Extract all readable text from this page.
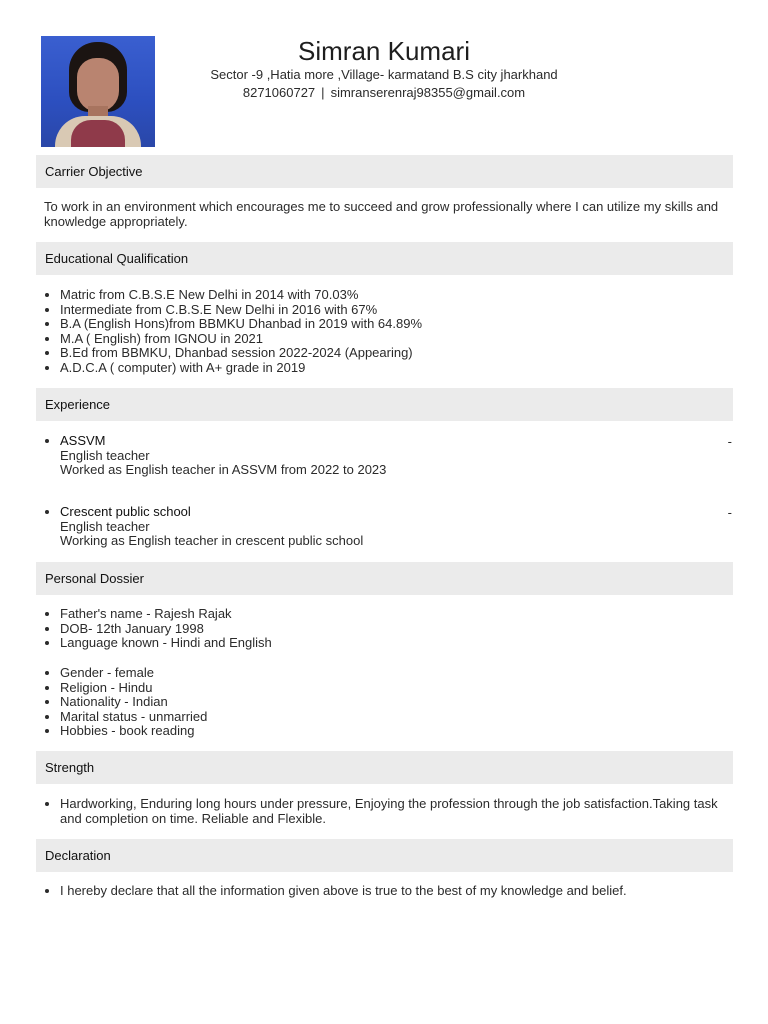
Simran Kumari
Sector -9 ,Hatia more ,Village- karmatand B.S city jharkhand
8271060727 | simranserenraj98355@gmail.com
Carrier Objective
To work in an environment which encourages me to succeed and grow professionally where I can utilize my skills and knowledge appropriately.
Educational Qualification
• Matric from C.B.S.E New Delhi in 2014 with 70.03%
• Intermediate from C.B.S.E New Delhi in 2016 with 67%
• B.A (English Hons)from BBMKU Dhanbad in 2019 with 64.89%
• M.A ( English) from IGNOU in 2021
• B.Ed from BBMKU, Dhanbad session 2022-2024 (Appearing)
• A.D.C.A ( computer) with A+ grade in 2019
Experience
• ASSVM
English teacher
Worked as English teacher in ASSVM from 2022 to 2023
-
• Crescent public school
English teacher
Working as English teacher in crescent public school
-
Personal Dossier
• Father's name - Rajesh Rajak
• DOB- 12th January 1998
• Language known - Hindi and English
• Gender - female
• Religion - Hindu
• Nationality - Indian
• Marital status - unmarried
• Hobbies - book reading
Strength
• Hardworking, Enduring long hours under pressure, Enjoying the profession through the job satisfaction.Taking task and completion on time. Reliable and Flexible.
Declaration
• I hereby declare that all the information given above is true to the best of my knowledge and belief.
